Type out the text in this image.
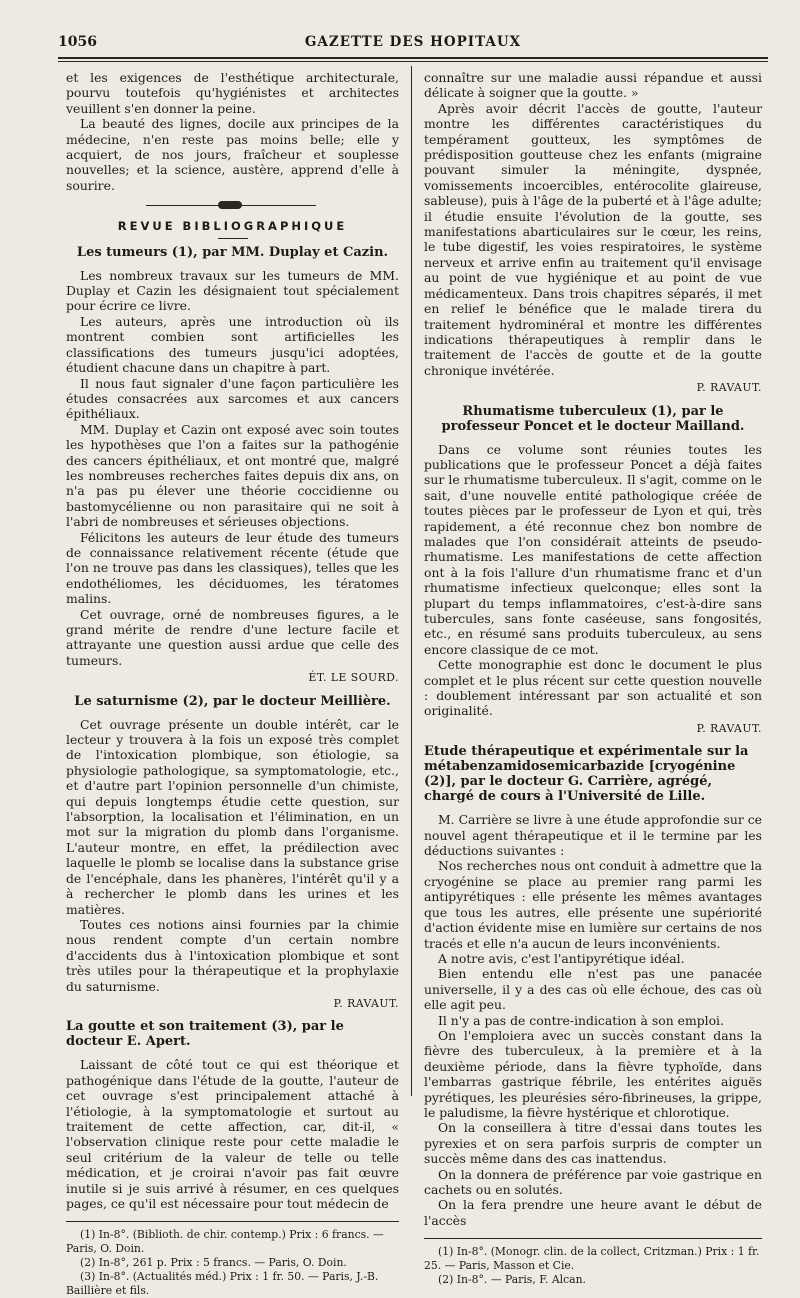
1056	GAZETTE DES HOPITAUX

et les exigences de l'esthétique architecturale, pourvu toutefois qu'hygiénistes et architectes veuillent s'en donner la peine.

La beauté des lignes, docile aux principes de la médecine, n'en reste pas moins belle; elle y acquiert, de nos jours, fraîcheur et souplesse nouvelles; et la science, austère, apprend d'elle à sourire.

REVUE BIBLIOGRAPHIQUE
Les tumeurs (1), par MM. Duplay et Cazin.

Les nombreux travaux sur les tumeurs de MM. Duplay et Cazin les désignaient tout spécialement pour écrire ce livre.

Les auteurs, après une introduction où ils montrent combien sont artificielles les classifications des tumeurs jusqu'ici adoptées, étudient chacune dans un chapitre à part.

Il nous faut signaler d'une façon particulière les études consacrées aux sarcomes et aux cancers épithéliaux.

MM. Duplay et Cazin ont exposé avec soin toutes les hypothèses que l'on a faites sur la pathogénie des cancers épithéliaux, et ont montré que, malgré les nombreuses recherches faites depuis dix ans, on n'a pas pu élever une théorie coccidienne ou bastomycélienne ou non parasitaire qui ne soit à l'abri de nombreuses et sérieuses objections.

Félicitons les auteurs de leur étude des tumeurs de connaissance relativement récente (étude que l'on ne trouve pas dans les classiques), telles que les endothéliomes, les déciduomes, les tératomes malins.

Cet ouvrage, orné de nombreuses figures, a le grand mérite de rendre d'une lecture facile et attrayante une question aussi ardue que celle des tumeurs.

ÉT. LE SOURD.
Le saturnisme (2), par le docteur Meillière.

Cet ouvrage présente un double intérêt, car le lecteur y trouvera à la fois un exposé très complet de l'intoxication plombique, son étiologie, sa physiologie pathologique, sa symptomatologie, etc., et d'autre part l'opinion personnelle d'un chimiste, qui depuis longtemps étudie cette question, sur l'absorption, la localisation et l'élimination, en un mot sur la migration du plomb dans l'organisme. L'auteur montre, en effet, la prédilection avec laquelle le plomb se localise dans la substance grise de l'encéphale, dans les phanères, l'intérêt qu'il y a à rechercher le plomb dans les urines et les matières.

Toutes ces notions ainsi fournies par la chimie nous rendent compte d'un certain nombre d'accidents dus à l'intoxication plombique et sont très utiles pour la thérapeutique et la prophylaxie du saturnisme.

P. RAVAUT.
La goutte et son traitement (3), par le docteur E. Apert.

Laissant de côté tout ce qui est théorique et pathogénique dans l'étude de la goutte, l'auteur de cet ouvrage s'est principalement attaché à l'étiologie, à la symptomatologie et surtout au traitement de cette affection, car, dit-il, « l'observation clinique reste pour cette maladie le seul critérium de la valeur de telle ou telle médication, et je croirai n'avoir pas fait œuvre inutile si je suis arrivé à résumer, en ces quelques pages, ce qu'il est nécessaire pour tout médecin de

(1) In-8°. (Biblioth. de chir. contemp.) Prix : 6 francs. — Paris, O. Doin.

(2) In-8°, 261 p. Prix : 5 francs. — Paris, O. Doin.

(3) In-8°. (Actualités méd.) Prix : 1 fr. 50. — Paris, J.-B. Baillière et fils.

connaître sur une maladie aussi répandue et aussi délicate à soigner que la goutte. »

Après avoir décrit l'accès de goutte, l'auteur montre les différentes caractéristiques du tempérament goutteux, les symptômes de prédisposition goutteuse chez les enfants (migraine pouvant simuler la méningite, dyspnée, vomissements incoercibles, entérocolite glaireuse, sableuse), puis à l'âge de la puberté et à l'âge adulte; il étudie ensuite l'évolution de la goutte, ses manifestations abarticulaires sur le cœur, les reins, le tube digestif, les voies respiratoires, le système nerveux et arrive enfin au traitement qu'il envisage au point de vue hygiénique et au point de vue médicamenteux. Dans trois chapitres séparés, il met en relief le bénéfice que le malade tirera du traitement hydrominéral et montre les différentes indications thérapeutiques à remplir dans le traitement de l'accès de goutte et de la goutte chronique invétérée.

P. RAVAUT.
Rhumatisme tuberculeux (1), par le professeur Poncet et le docteur Mailland.

Dans ce volume sont réunies toutes les publications que le professeur Poncet a déjà faites sur le rhumatisme tuberculeux. Il s'agit, comme on le sait, d'une nouvelle entité pathologique créée de toutes pièces par le professeur de Lyon et qui, très rapidement, a été reconnue chez bon nombre de malades que l'on considérait atteints de pseudo-rhumatisme. Les manifestations de cette affection ont à la fois l'allure d'un rhumatisme franc et d'un rhumatisme infectieux quelconque; elles sont la plupart du temps inflammatoires, c'est-à-dire sans tubercules, sans fonte caséeuse, sans fongosités, etc., en résumé sans produits tuberculeux, au sens encore classique de ce mot.

Cette monographie est donc le document le plus complet et le plus récent sur cette question nouvelle : doublement intéressant par son actualité et son originalité.

P. RAVAUT.
Etude thérapeutique et expérimentale sur la métabenzamidosemicarbazide [cryogénine (2)], par le docteur G. Carrière, agrégé, chargé de cours à l'Université de Lille.

M. Carrière se livre à une étude approfondie sur ce nouvel agent thérapeutique et il le termine par les déductions suivantes :

Nos recherches nous ont conduit à admettre que la cryogénine se place au premier rang parmi les antipyrétiques : elle présente les mêmes avantages que tous les autres, elle présente une supériorité d'action évidente mise en lumière sur certains de nos tracés et elle n'a aucun de leurs inconvénients.

A notre avis, c'est l'antipyrétique idéal.

Bien entendu elle n'est pas une panacée universelle, il y a des cas où elle échoue, des cas où elle agit peu.

Il n'y a pas de contre-indication à son emploi.

On l'emploiera avec un succès constant dans la fièvre des tuberculeux, à la première et à la deuxième période, dans la fièvre typhoïde, dans l'embarras gastrique fébrile, les entérites aiguës pyrétiques, les pleurésies séro-fibrineuses, la grippe, le paludisme, la fièvre hystérique et chlorotique.

On la conseillera à titre d'essai dans toutes les pyrexies et on sera parfois surpris de compter un succès même dans des cas inattendus.

On la donnera de préférence par voie gastrique en cachets ou en solutés.

On la fera prendre une heure avant le début de l'accès

(1) In-8°. (Monogr. clin. de la collect, Critzman.) Prix : 1 fr. 25. — Paris, Masson et Cie.

(2) In-8°. — Paris, F. Alcan.
